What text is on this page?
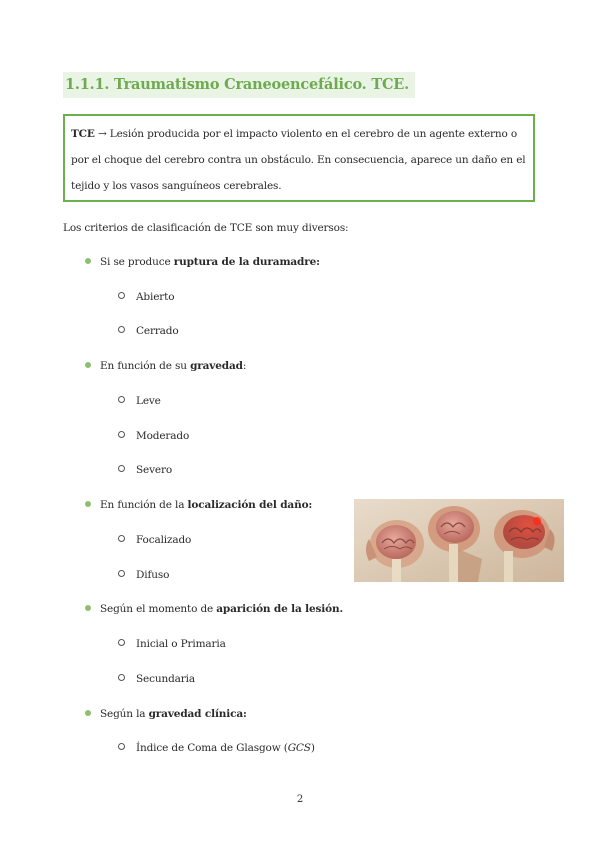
1.1.1. Traumatismo Craneoencefálico. TCE.
TCE → Lesión producida por el impacto violento en el cerebro de un agente externo o por el choque del cerebro contra un obstáculo. En consecuencia, aparece un daño en el tejido y los vasos sanguíneos cerebrales.
Los criterios de clasificación de TCE son muy diversos:
Si se produce ruptura de la duramadre:
Abierto
Cerrado
En función de su gravedad:
Leve
Moderado
Severo
En función de la localización del daño:
Focalizado
Difuso
Según el momento de aparición de la lesión.
Inicial o Primaria
Secundaria
Según la gravedad clínica:
Índice de Coma de Glasgow (GCS)
2
